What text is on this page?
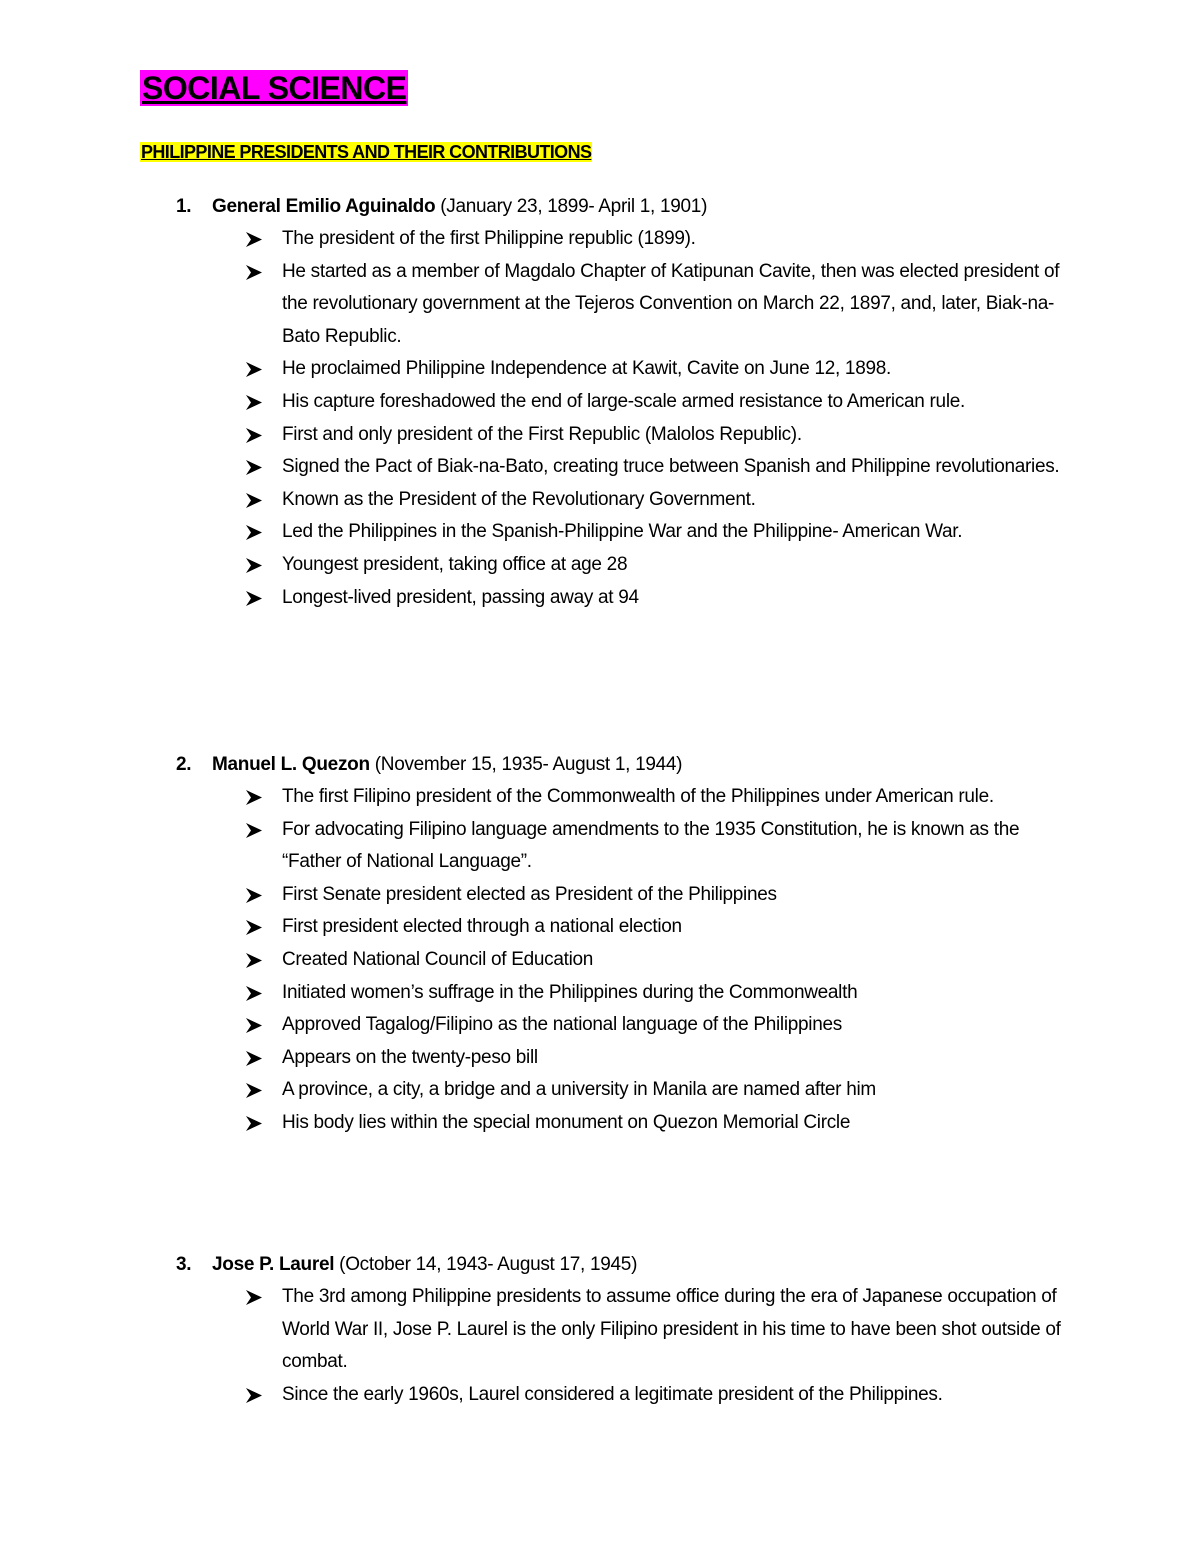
SOCIAL SCIENCE
PHILIPPINE PRESIDENTS AND THEIR CONTRIBUTIONS
1. General Emilio Aguinaldo (January 23, 1899- April 1, 1901)
The president of the first Philippine republic (1899).
He started as a member of Magdalo Chapter of Katipunan Cavite, then was elected president of the revolutionary government at the Tejeros Convention on March 22, 1897, and, later, Biak-na-Bato Republic.
He proclaimed Philippine Independence at Kawit, Cavite on June 12, 1898.
His capture foreshadowed the end of large-scale armed resistance to American rule.
First and only president of the First Republic (Malolos Republic).
Signed the Pact of Biak-na-Bato, creating truce between Spanish and Philippine revolutionaries.
Known as the President of the Revolutionary Government.
Led the Philippines in the Spanish-Philippine War and the Philippine- American War.
Youngest president, taking office at age 28
Longest-lived president, passing away at 94
2. Manuel L. Quezon (November 15, 1935- August 1, 1944)
The first Filipino president of the Commonwealth of the Philippines under American rule.
For advocating Filipino language amendments to the 1935 Constitution, he is known as the “Father of National Language”.
First Senate president elected as President of the Philippines
First president elected through a national election
Created National Council of Education
Initiated women’s suffrage in the Philippines during the Commonwealth
Approved Tagalog/Filipino as the national language of the Philippines
Appears on the twenty-peso bill
A province, a city, a bridge and a university in Manila are named after him
His body lies within the special monument on Quezon Memorial Circle
3. Jose P. Laurel (October 14, 1943- August 17, 1945)
The 3rd among Philippine presidents to assume office during the era of Japanese occupation of World War II, Jose P. Laurel is the only Filipino president in his time to have been shot outside of combat.
Since the early 1960s, Laurel considered a legitimate president of the Philippines.
